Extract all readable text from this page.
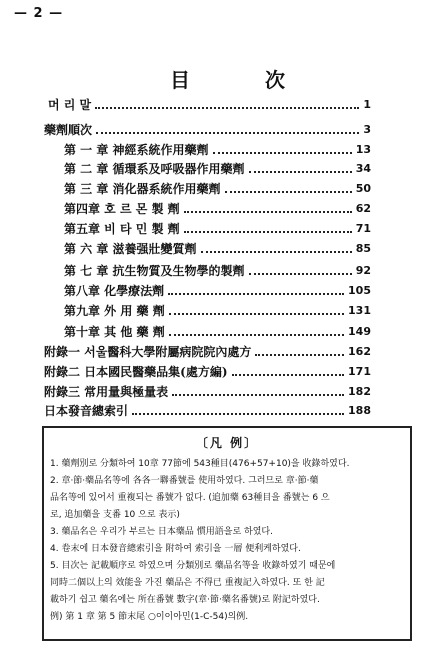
— 2 —
目 次
머 리 말	1
藥劑順次	3
第 一 章 神經系統作用藥劑	13
第 二 章 循環系及呼吸器作用藥劑	34
第 三 章 消化器系統作用藥劑	50
第四章 호 르 몬 製 劑	62
第五章 비 타 민 製 劑	71
第 六 章 滋養强壯變質劑	85
第 七 章 抗生物質及生物學的製劑	92
第八章 化學療法劑	105
第九章 外 用 藥 劑	131
第十章 其 他 藥 劑	149
附錄一 서울醫科大學附屬病院院內處方	162
附錄二 日本國民醫藥品集(處方編)	171
附錄三 常用量與極量表	182
日本發音總索引	188
〔凡 例〕
1. 藥劑別로 分類하여 10章 77節에 543種目(476+57+10)을 收錄하였다.
2. 章·節·藥品名等에 各各一聯番號를 使用하였다. 그러므로 章·節·藥
品名等에 있어서 重複되는 番號가 없다. (追加藥 63種目을 番號는 6 으
로, 追加藥을 支番 10 으로 表示)
3. 藥品名은 우리가 부르는 日本藥品 慣用語을로 하였다.
4. 卷末에 日本發音總索引을 附하여 索引을 一層 便利케하였다.
5. 目次는 記載順序로 하였으며 分類別로 藥品名等을 收錄하였기 때문에
同時二個以上의 效能을 가진 藥品은 不得已 重複記入하였다. 또 한 記
載하기 쉽고 藥名에는 所在番號 數字(章·節·藥名番號)로 附記하였다.
例) 第 1 章 第 5 節末尾 ○이이아민(1-C-54)의例.
